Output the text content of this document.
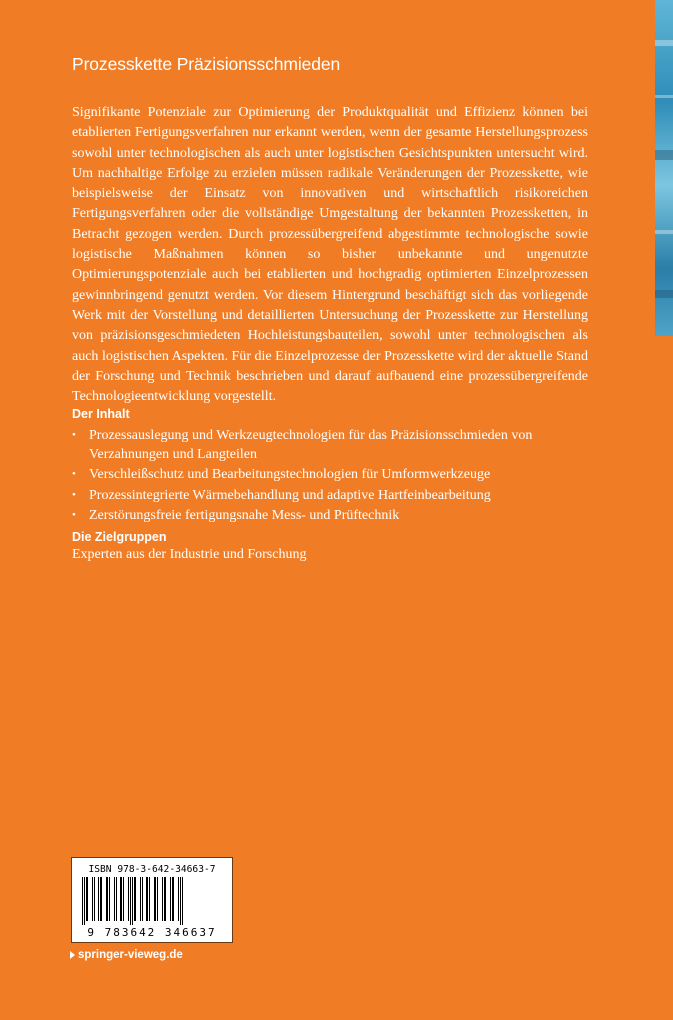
Prozesskette Präzisionsschmieden

Signifikante Potenziale zur Optimierung der Produktqualität und Effizienz können bei etablierten Fertigungsverfahren nur erkannt werden, wenn der gesamte Herstellungsprozess sowohl unter technologischen als auch unter logistischen Gesichtspunkten untersucht wird. Um nachhaltige Erfolge zu erzielen müssen radikale Veränderungen der Prozesskette, wie beispielsweise der Einsatz von innovativen und wirtschaftlich risikoreichen Fertigungsverfahren oder die vollständige Umgestaltung der bekannten Prozessketten, in Betracht gezogen werden. Durch prozessübergreifend abgestimmte technologische sowie logistische Maßnahmen können so bisher unbekannte und ungenutzte Optimierungspotenziale auch bei etablierten und hochgradig optimierten Einzelprozessen gewinnbringend genutzt werden. Vor diesem Hintergrund beschäftigt sich das vorliegende Werk mit der Vorstellung und detaillierten Untersuchung der Prozesskette zur Herstellung von präzisionsgeschmiedeten Hochleistungsbauteilen, sowohl unter technologischen als auch logistischen Aspekten. Für die Einzelprozesse der Prozesskette wird der aktuelle Stand der Forschung und Technik beschrieben und darauf aufbauend eine prozessübergreifende Technologieentwicklung vorgestellt.

Der Inhalt
• Prozessauslegung und Werkzeugtechnologien für das Präzisionsschmieden von Verzahnungen und Langteilen
• Verschleißschutz und Bearbeitungstechnologien für Umformwerkzeuge
• Prozessintegrierte Wärmebehandlung und adaptive Hartfeinbearbeitung
• Zerstörungsfreie fertigungsnahe Mess- und Prüftechnik
Die Zielgruppen
Experten aus der Industrie und Forschung
ISBN 978-3-642-34663-7
9 783642 346637
springer-vieweg.de
